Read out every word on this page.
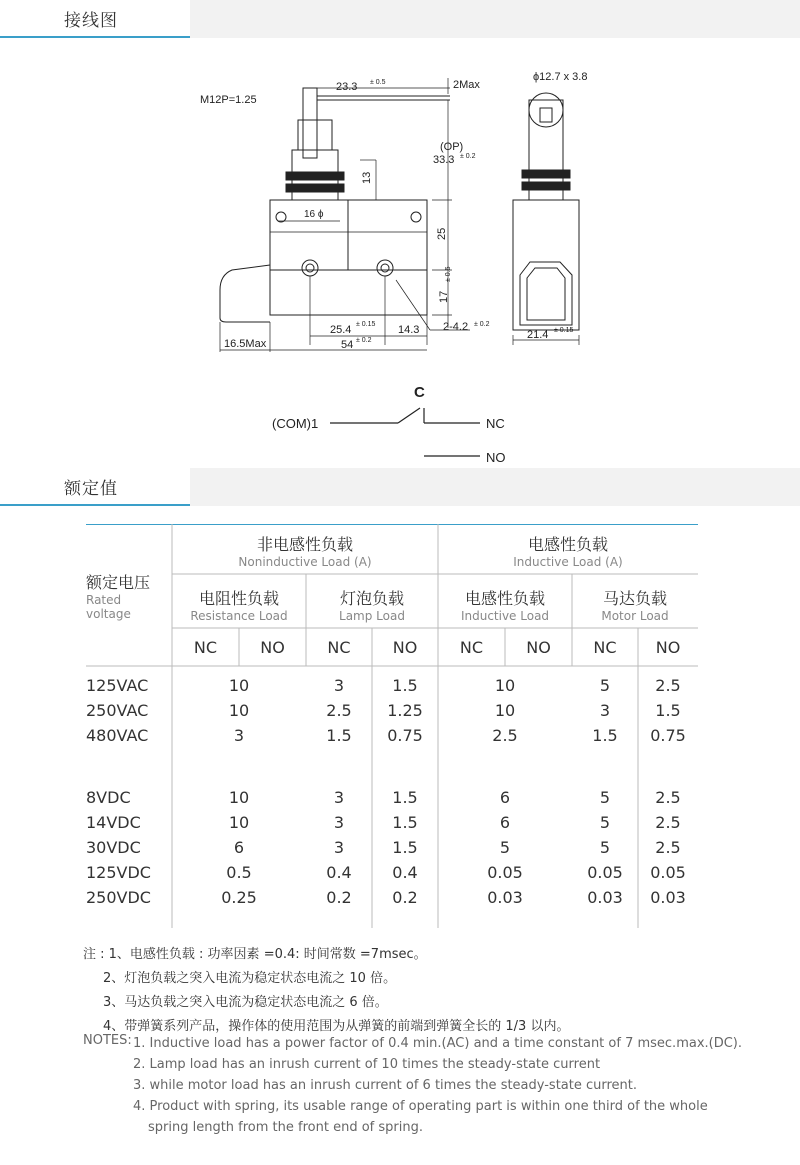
接线图
M12P=1.25
23.3 ± 0.5	2Max
(OP)
33.3 ± 0.2
13
16 ϕ
25
17
± 0.5
25.4 ± 0.15 14.3 2-4.2 ± 0.2
16.5Max	54 ± 0.2
ϕ12.7 x 3.8
21.4 ± 0.15
C
(COM)1	NC
NO
额定值
非电感性负载
Noninductive Load (A)
电感性负载
Inductive Load (A)
额定电压
Rated
voltage
电阻性负载
Resistance Load
灯泡负载
Lamp Load
电感性负载
Inductive Load
马达负载
Motor Load
NC	NO	NC	NO	NC	NO	NC	NO
125VAC	10	3	1.5	10	5	2.5
250VAC	10	2.5	1.25	10	3	1.5
480VAC	3	1.5	0.75	2.5	1.5	0.75
8VDC	10	3	1.5	6	5	2.5
14VDC	10	3	1.5	6	5	2.5
30VDC	6	3	1.5	5	5	2.5
125VDC	0.5	0.4	0.4	0.05	0.05	0.05
250VDC	0.25	0.2	0.2	0.03	0.03	0.03
注 : 1、电感性负载 : 功率因素 =0.4: 时间常数 =7msec。
2、灯泡负载之突入电流为稳定状态电流之 10 倍。
3、马达负载之突入电流为稳定状态电流之 6 倍。
4、带弹簧系列产品，操作体的使用范围为从弹簧的前端到弹簧全长的 1/3 以内。
NOTES: 1. Inductive load has a power factor of 0.4 min.(AC) and a time constant of 7 msec.max.(DC).
2. Lamp load has an inrush current of 10 times the steady-state current
3. while motor load has an inrush current of 6 times the steady-state current.
4. Product with spring, its usable range of operating part is within one third of the whole
spring length from the front end of spring.
